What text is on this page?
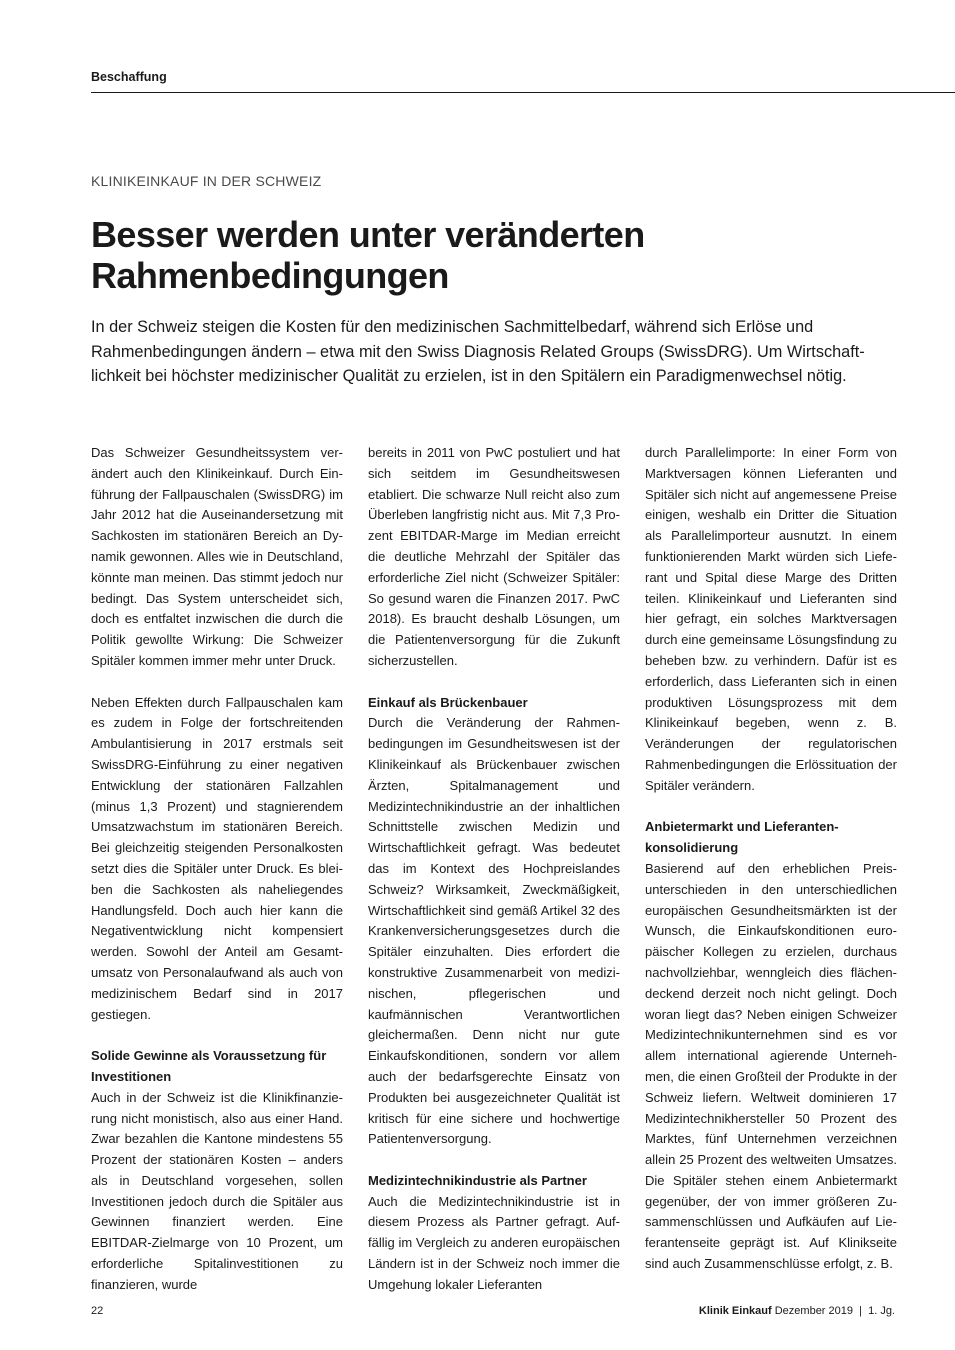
Beschaffung
KLINIKEINKAUF IN DER SCHWEIZ
Besser werden unter veränderten
Rahmenbedingungen

In der Schweiz steigen die Kosten für den medizinischen Sachmittelbedarf, während sich Erlöse und Rahmenbedingungen ändern – etwa mit den Swiss Diagnosis Related Groups (SwissDRG). Um Wirtschaftlichkeit bei höchster medizinischer Qualität zu erzielen, ist in den Spitälern ein Paradigmenwechsel nötig.

Das Schweizer Gesundheitssystem verändert auch den Klinikeinkauf. Durch Einführung der Fallpauschalen (SwissDRG) im Jahr 2012 hat die Auseinandersetzung mit Sachkosten im stationären Bereich an Dynamik gewonnen. Alles wie in Deutschland, könnte man meinen. Das stimmt jedoch nur bedingt. Das System unterscheidet sich, doch es entfaltet inzwischen die durch die Politik gewollte Wirkung: Die Schweizer Spitäler kommen immer mehr unter Druck.

Neben Effekten durch Fallpauschalen kam es zudem in Folge der fortschreitenden Ambulantisierung in 2017 erstmals seit SwissDRG-Einführung zu einer negativen Entwicklung der stationären Fallzahlen (minus 1,3 Prozent) und stagnierendem Umsatzwachstum im stationären Bereich. Bei gleichzeitig steigenden Personalkosten setzt dies die Spitäler unter Druck. Es bleiben die Sachkosten als naheliegendes Handlungsfeld. Doch auch hier kann die Negativentwicklung nicht kompensiert werden. Sowohl der Anteil am Gesamtumsatz von Personalaufwand als auch von medizinischem Bedarf sind in 2017 gestiegen.

Solide Gewinne als Voraussetzung für Investitionen

Auch in der Schweiz ist die Klinikfinanzierung nicht monistisch, also aus einer Hand. Zwar bezahlen die Kantone mindestens 55 Prozent der stationären Kosten – anders als in Deutschland vorgesehen, sollen Investitionen jedoch durch die Spitäler aus Gewinnen finanziert werden. Eine EBITDAR-Zielmarge von 10 Prozent, um erforderliche Spitalinvestitionen zu finanzieren, wurde

bereits in 2011 von PwC postuliert und hat sich seitdem im Gesundheitswesen etabliert. Die schwarze Null reicht also zum Überleben langfristig nicht aus. Mit 7,3 Prozent EBITDAR-Marge im Median erreicht die deutliche Mehrzahl der Spitäler das erforderliche Ziel nicht (Schweizer Spitäler: So gesund waren die Finanzen 2017. PwC 2018). Es braucht deshalb Lösungen, um die Patientenversorgung für die Zukunft sicherzustellen.

Einkauf als Brückenbauer

Durch die Veränderung der Rahmenbedingungen im Gesundheitswesen ist der Klinikeinkauf als Brückenbauer zwischen Ärzten, Spitalmanagement und Medizintechnikindustrie an der inhaltlichen Schnittstelle zwischen Medizin und Wirtschaftlichkeit gefragt. Was bedeutet das im Kontext des Hochpreislandes Schweiz? Wirksamkeit, Zweckmäßigkeit, Wirtschaftlichkeit sind gemäß Artikel 32 des Krankenversicherungsgesetzes durch die Spitäler einzuhalten. Dies erfordert die konstruktive Zusammenarbeit von medizinischen, pflegerischen und kaufmännischen Verantwortlichen gleichermaßen. Denn nicht nur gute Einkaufskonditionen, sondern vor allem auch der bedarfsgerechte Einsatz von Produkten bei ausgezeichneter Qualität ist kritisch für eine sichere und hochwertige Patientenversorgung.

Medizintechnikindustrie als Partner

Auch die Medizintechnikindustrie ist in diesem Prozess als Partner gefragt. Auffällig im Vergleich zu anderen europäischen Ländern ist in der Schweiz noch immer die Umgehung lokaler Lieferanten

durch Parallelimporte: In einer Form von Marktversagen können Lieferanten und Spitäler sich nicht auf angemessene Preise einigen, weshalb ein Dritter die Situation als Parallelimporteur ausnutzt. In einem funktionierenden Markt würden sich Lieferant und Spital diese Marge des Dritten teilen. Klinikeinkauf und Lieferanten sind hier gefragt, ein solches Marktversagen durch eine gemeinsame Lösungsfindung zu beheben bzw. zu verhindern. Dafür ist es erforderlich, dass Lieferanten sich in einen produktiven Lösungsprozess mit dem Klinikeinkauf begeben, wenn z. B. Veränderungen der regulatorischen Rahmenbedingungen die Erlössituation der Spitäler verändern.

Anbietermarkt und Lieferantenkonsolidierung

Basierend auf den erheblichen Preisunterschieden in den unterschiedlichen europäischen Gesundheitsmärkten ist der Wunsch, die Einkaufskonditionen europäischer Kollegen zu erzielen, durchaus nachvollziehbar, wenngleich dies flächendeckend derzeit noch nicht gelingt. Doch woran liegt das? Neben einigen Schweizer Medizintechnikunternehmen sind es vor allem international agierende Unternehmen, die einen Großteil der Produkte in der Schweiz liefern. Weltweit dominieren 17 Medizintechnikhersteller 50 Prozent des Marktes, fünf Unternehmen verzeichnen allein 25 Prozent des weltweiten Umsatzes. Die Spitäler stehen einem Anbietermarkt gegenüber, der von immer größeren Zusammenschlüssen und Aufkäufen auf Lieferantenseite geprägt ist. Auf Klinikseite sind auch Zusammenschlüsse erfolgt, z. B.

22	Klinik Einkauf Dezember 2019  |  1. Jg.
